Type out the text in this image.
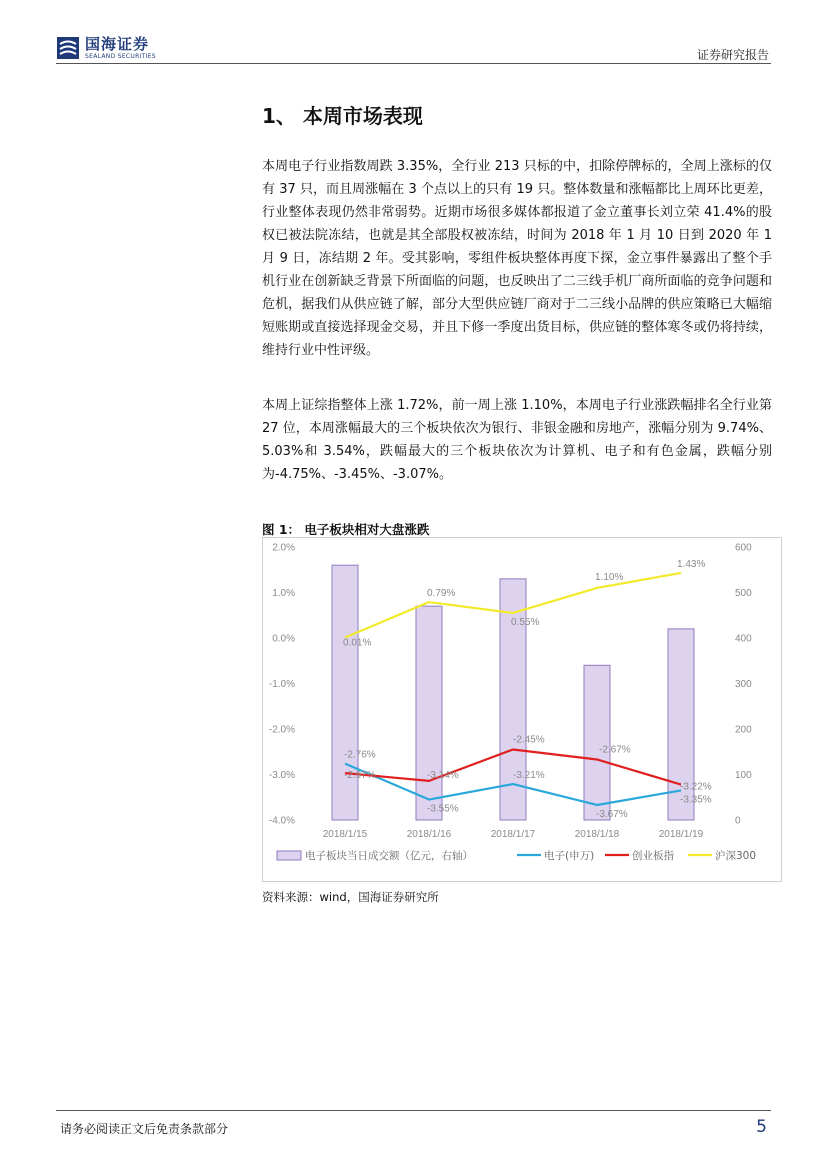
国海证券
SEALAND SECURITIES	证券研究报告
1、 本周市场表现

本周电子行业指数周跌 3.35%，全行业 213 只标的中，扣除停牌标的，全周上涨标的仅有 37 只，而且周涨幅在 3 个点以上的只有 19 只。整体数量和涨幅都比上周环比更差，行业整体表现仍然非常弱势。近期市场很多媒体都报道了金立董事长刘立荣 41.4%的股权已被法院冻结，也就是其全部股权被冻结，时间为 2018 年 1 月 10 日到 2020 年 1 月 9 日，冻结期 2 年。受其影响，零组件板块整体再度下探，金立事件暴露出了整个手机行业在创新缺乏背景下所面临的问题，也反映出了二三线手机厂商所面临的竞争问题和危机，据我们从供应链了解，部分大型供应链厂商对于二三线小品牌的供应策略已大幅缩短账期或直接选择现金交易，并且下修一季度出货目标，供应链的整体寒冬或仍将持续，维持行业中性评级。

本周上证综指整体上涨 1.72%，前一周上涨 1.10%，本周电子行业涨跌幅排名全行业第 27 位，本周涨幅最大的三个板块依次为银行、非银金融和房地产，涨幅分别为 9.74%、5.03%和 3.54%，跌幅最大的三个板块依次为计算机、电子和有色金属，跌幅分别为-4.75%、-3.45%、-3.07%。

图 1： 电子板块相对大盘涨跌
2.0%
1.0%
0.0%
-1.0%
-2.0%
-3.0%
-4.0%
600
500
400
300
200
100
0
2018/1/15	2018/1/16	2018/1/17	2018/1/18	2018/1/19
-2.76%
-3.55%
-3.21%
-3.67%
-3.35%
-2.97%	-3.14%
-2.45%
-2.67%
-3.22%
0.01%
0.79%
0.55%
1.10%
1.43%
电子板块当日成交额（亿元，右轴）	电子(申万)	创业板指	沪深300
资料来源：wind，国海证券研究所
请务必阅读正文后免责条款部分	5
